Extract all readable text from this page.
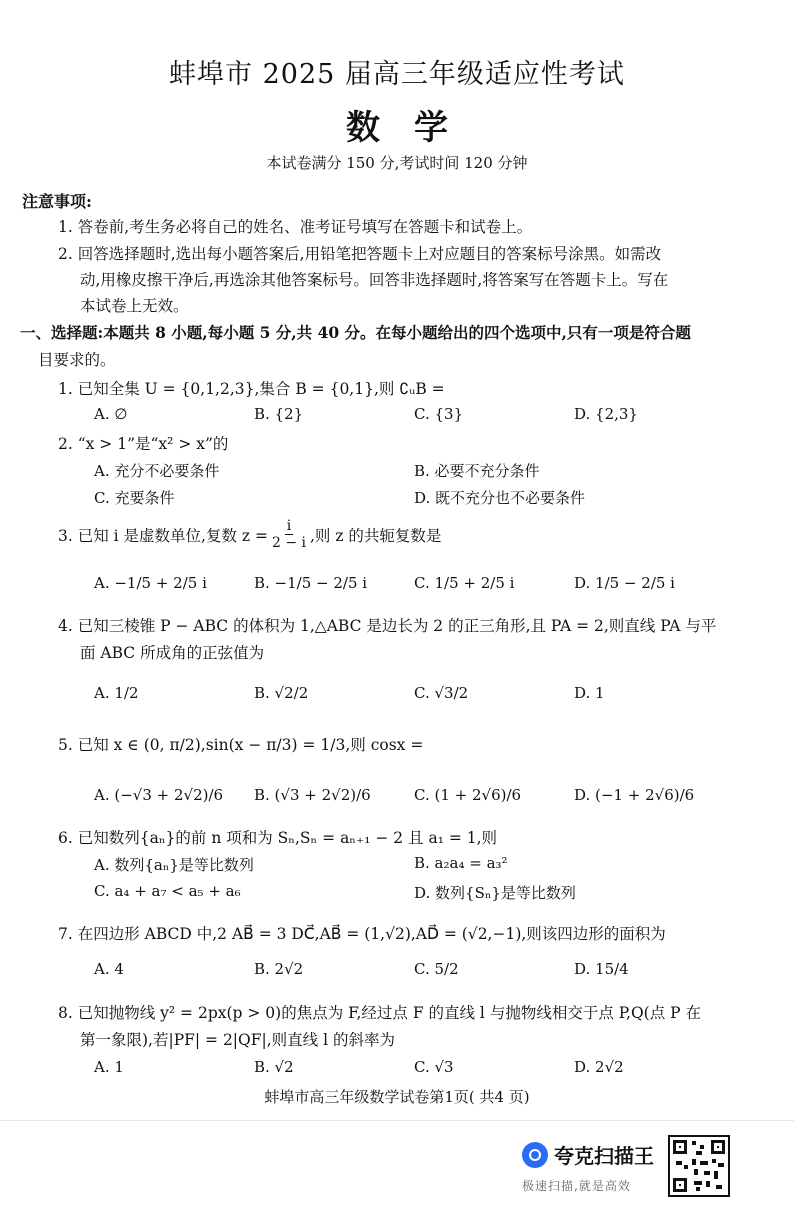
蚌埠市 2025 届高三年级适应性考试
数学
本试卷满分 150 分,考试时间 120 分钟
注意事项:
1. 答卷前,考生务必将自己的姓名、准考证号填写在答题卡和试卷上。
2. 回答选择题时,选出每小题答案后,用铅笔把答题卡上对应题目的答案标号涂黑。如需改
动,用橡皮擦干净后,再选涂其他答案标号。回答非选择题时,将答案写在答题卡上。写在
本试卷上无效。
一、选择题:本题共 8 小题,每小题 5 分,共 40 分。在每小题给出的四个选项中,只有一项是符合题
目要求的。
1. 已知全集 U = {0,1,2,3},集合 B = {0,1},则 ∁ᵤB =
A. ∅	B. {2}	C. {3}	D. {2,3}
2. “x > 1”是“x² > x”的
A. 充分不必要条件	B. 必要不充分条件
C. 充要条件	D. 既不充分也不必要条件
3. 已知 i 是虚数单位,复数 $z = \frac{i}{2 - i}$ ,则 z 的共轭复数是
A. −1/5 + 2/5 i	B. −1/5 − 2/5 i	C. 1/5 + 2/5 i	D. 1/5 − 2/5 i
4. 已知三棱锥 P − ABC 的体积为 1,△ABC 是边长为 2 的正三角形,且 PA = 2,则直线 PA 与平
面 ABC 所成角的正弦值为
A. 1/2	B. √2/2	C. √3/2	D. 1
5. 已知 x ∈ (0, π/2),sin(x − π/3) = 1/3,则 cosx =
A. (−√3 + 2√2)/6 B. (√3 + 2√2)/6	C. (1 + 2√6)/6	D. (−1 + 2√6)/6
6. 已知数列{aₙ}的前 n 项和为 Sₙ,Sₙ = aₙ₊₁ − 2 且 a₁ = 1,则
A. 数列{aₙ}是等比数列	B. a₂a₄ = a₃²
C. a₄ + a₇ < a₅ + a₆	D. 数列{Sₙ}是等比数列
7. 在四边形 ABCD 中,2 AB⃗ = 3 DC⃗,AB⃗ = (1,√2),AD⃗ = (√2,−1),则该四边形的面积为
A. 4	B. 2√2	C. 5/2	D. 15/4
8. 已知抛物线 y² = 2px(p > 0)的焦点为 F,经过点 F 的直线 l 与抛物线相交于点 P,Q(点 P 在
第一象限),若|PF| = 2|QF|,则直线 l 的斜率为
A. 1	B. √2	C. √3	D. 2√2
蚌埠市高三年级数学试卷第1页( 共4 页)
夸克扫描王
极速扫描,就是高效
